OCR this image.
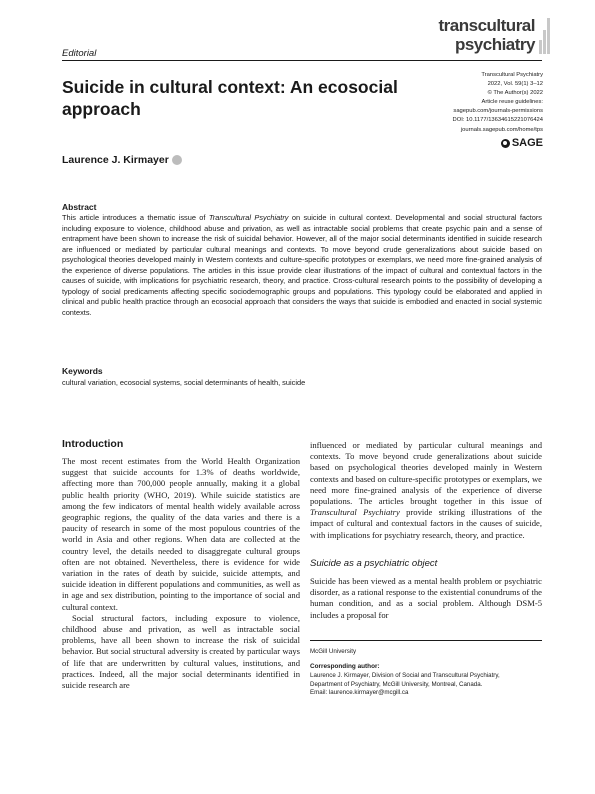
Editorial
transcultural
psychiatry
Suicide in cultural context: An ecosocial approach
Transcultural Psychiatry
2022, Vol. 59(1) 3–12
© The Author(s) 2022
Article reuse guidelines:
sagepub.com/journals-permissions
DOI: 10.1177/13634615221076424
journals.sagepub.com/home/tps
SAGE
Laurence J. Kirmayer
Abstract
This article introduces a thematic issue of Transcultural Psychiatry on suicide in cultural context. Developmental and social structural factors including exposure to violence, childhood abuse and privation, as well as intractable social problems that create psychic pain and a sense of entrapment have been shown to increase the risk of suicidal behavior. However, all of the major social determinants identified in suicide research are influenced or mediated by particular cultural meanings and contexts. To move beyond crude generalizations about suicide based on psychological theories developed mainly in Western contexts and culture-specific prototypes or exemplars, we need more fine-grained analysis of the experience of diverse populations. The articles in this issue provide clear illustrations of the impact of cultural and contextual factors in the causes of suicide, with implications for psychiatric research, theory, and practice. Cross-cultural research points to the possibility of developing a typology of social predicaments affecting specific sociodemographic groups and populations. This typology could be elaborated and applied in clinical and public health practice through an ecosocial approach that considers the ways that suicide is embodied and enacted in social systemic contexts.
Keywords
cultural variation, ecosocial systems, social determinants of health, suicide
Introduction

The most recent estimates from the World Health Organization suggest that suicide accounts for 1.3% of deaths worldwide, affecting more than 700,000 people annually, making it a global public health priority (WHO, 2019). While suicide statistics are among the few indicators of mental health widely available across geographic regions, the quality of the data varies and there is a paucity of research in some of the most populous countries of the world in Asia and other regions. When data are collected at the country level, the details needed to disaggregate cultural groups often are not obtained. Nevertheless, there is evidence for wide variation in the rates of death by suicide, suicide attempts, and suicide ideation in different populations and communities, as well as in age and sex distribution, pointing to the importance of social and cultural context.

Social structural factors, including exposure to violence, childhood abuse and privation, as well as intractable social problems, have all been shown to increase the risk of suicidal behavior. But social structural adversity is created by particular ways of life that are underwritten by cultural values, institutions, and practices. Indeed, all the major social determinants identified in suicide research are

influenced or mediated by particular cultural meanings and contexts. To move beyond crude generalizations about suicide based on psychological theories developed mainly in Western contexts and based on culture-specific prototypes or exemplars, we need more fine-grained analysis of the experience of diverse populations. The articles brought together in this issue of Transcultural Psychiatry provide striking illustrations of the impact of cultural and contextual factors in the causes of suicide, with implications for psychiatry research, theory, and practice.

Suicide as a psychiatric object

Suicide has been viewed as a mental health problem or psychiatric disorder, as a rational response to the existential conundrums of the human condition, and as a social problem. Although DSM-5 includes a proposal for

McGill University
Corresponding author:
Laurence J. Kirmayer, Division of Social and Transcultural Psychiatry,
Department of Psychiatry, McGill University, Montreal, Canada.
Email: laurence.kirmayer@mcgill.ca
